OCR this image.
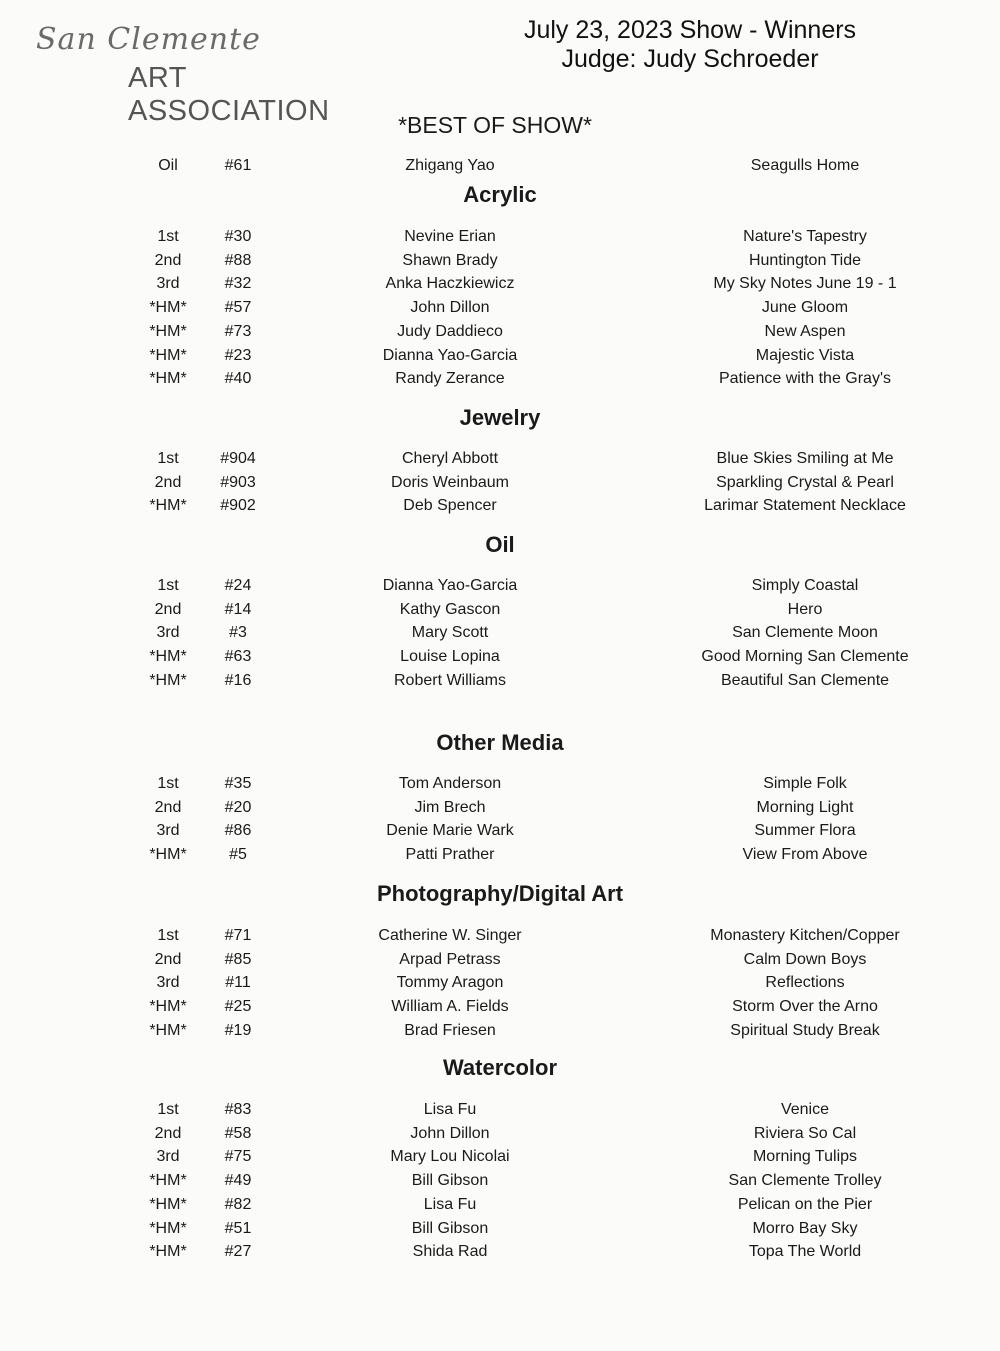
San Clemente
ART ASSOCIATION
July 23, 2023 Show - Winners
Judge: Judy Schroeder
*BEST OF SHOW*
Oil	#61	Zhigang Yao	Seagulls Home
Acrylic
1st	#30	Nevine Erian	Nature's Tapestry
2nd	#88	Shawn Brady	Huntington Tide
3rd	#32	Anka Haczkiewicz	My Sky Notes June 19 - 1
*HM*	#57	John Dillon	June Gloom
*HM*	#73	Judy Daddieco	New Aspen
*HM*	#23	Dianna Yao-Garcia	Majestic Vista
*HM*	#40	Randy Zerance	Patience with the Gray's
Jewelry
1st	#904	Cheryl Abbott	Blue Skies Smiling at Me
2nd	#903	Doris Weinbaum	Sparkling Crystal & Pearl
*HM*	#902	Deb Spencer	Larimar Statement Necklace
Oil
1st	#24	Dianna Yao-Garcia	Simply Coastal
2nd	#14	Kathy Gascon	Hero
3rd	#3	Mary Scott	San Clemente Moon
*HM*	#63	Louise Lopina	Good Morning San Clemente
*HM*	#16	Robert Williams	Beautiful San Clemente
Other Media
1st	#35	Tom Anderson	Simple Folk
2nd	#20	Jim Brech	Morning Light
3rd	#86	Denie Marie Wark	Summer Flora
*HM*	#5	Patti Prather	View From Above
Photography/Digital Art
1st	#71	Catherine W. Singer	Monastery Kitchen/Copper
2nd	#85	Arpad Petrass	Calm Down Boys
3rd	#11	Tommy Aragon	Reflections
*HM*	#25	William A. Fields	Storm Over the Arno
*HM*	#19	Brad Friesen	Spiritual Study Break
Watercolor
1st	#83	Lisa Fu	Venice
2nd	#58	John Dillon	Riviera So Cal
3rd	#75	Mary Lou Nicolai	Morning Tulips
*HM*	#49	Bill Gibson	San Clemente Trolley
*HM*	#82	Lisa Fu	Pelican on the Pier
*HM*	#51	Bill Gibson	Morro Bay Sky
*HM*	#27	Shida Rad	Topa The World
